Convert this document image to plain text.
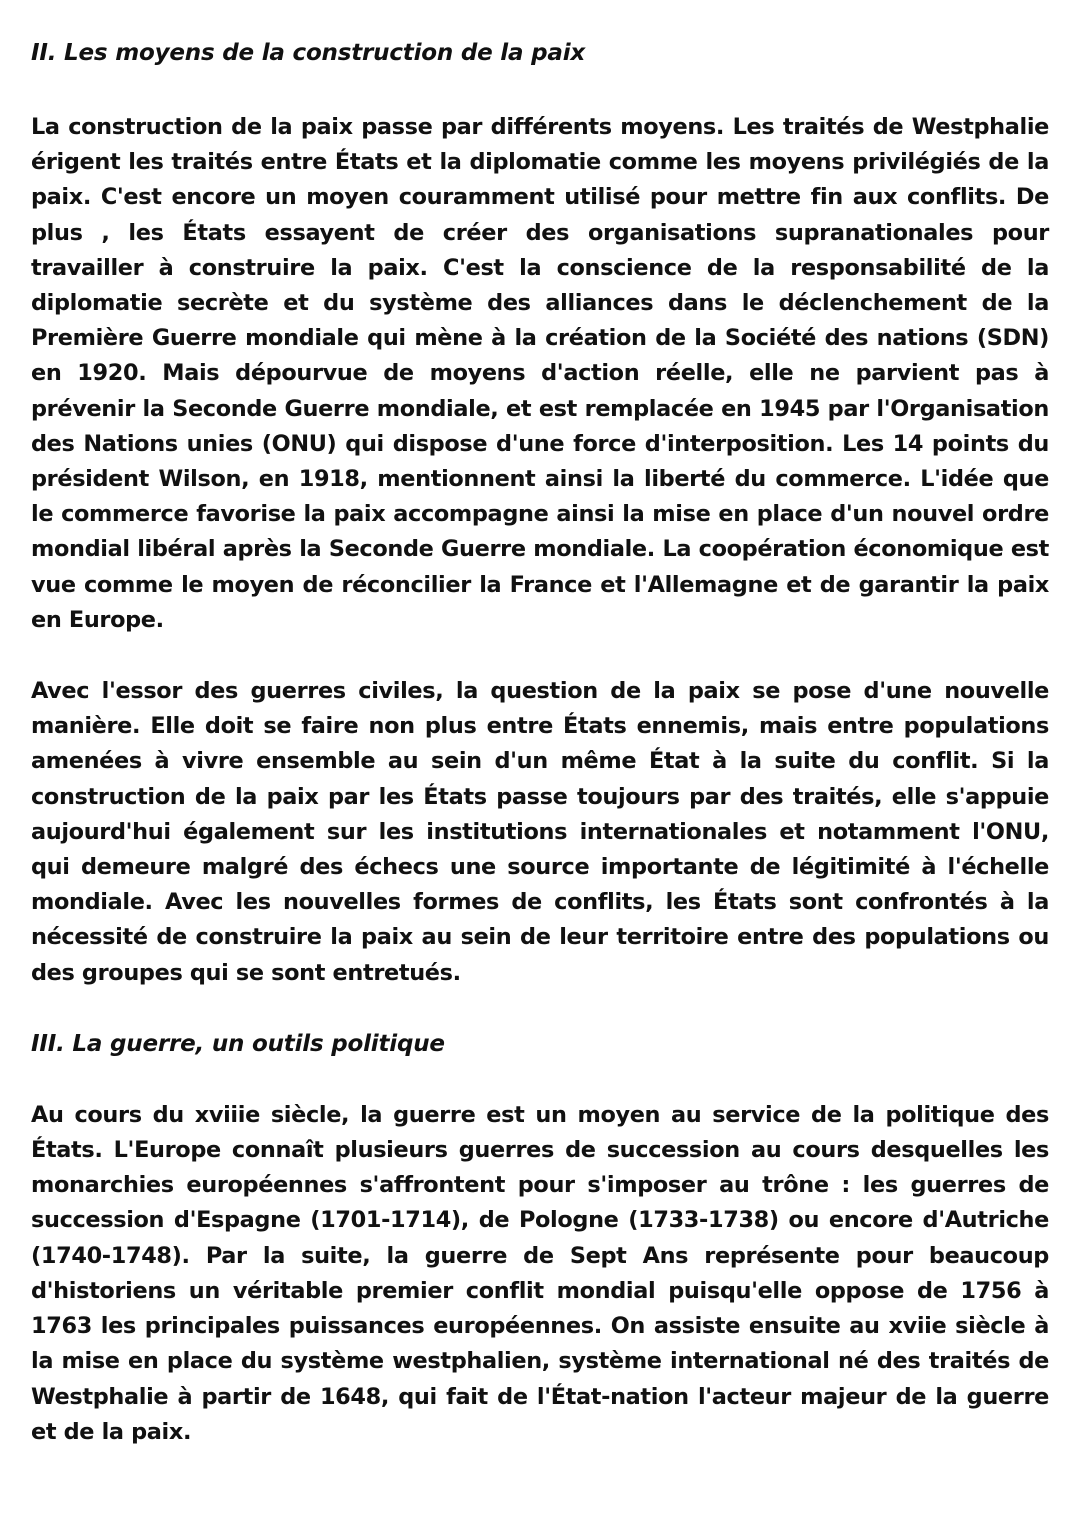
II. Les moyens de la construction de la paix

La construction de la paix passe par différents moyens. Les traités de Westphalie érigent les traités entre États et la diplomatie comme les moyens privilégiés de la paix. C'est encore un moyen couramment utilisé pour mettre fin aux conflits. De plus , les États essayent de créer des organisations supranationales pour travailler à construire la paix. C'est la conscience de la responsabilité de la diplomatie secrète et du système des alliances dans le déclenchement de la Première Guerre mondiale qui mène à la création de la Société des nations (SDN) en 1920. Mais dépourvue de moyens d'action réelle, elle ne parvient pas à prévenir la Seconde Guerre mondiale, et est remplacée en 1945 par l'Organisation des Nations unies (ONU) qui dispose d'une force d'interposition. Les 14 points du président Wilson, en 1918, mentionnent ainsi la liberté du commerce. L'idée que le commerce favorise la paix accompagne ainsi la mise en place d'un nouvel ordre mondial libéral après la Seconde Guerre mondiale. La coopération économique est vue comme le moyen de réconcilier la France et l'Allemagne et de garantir la paix en Europe.

Avec l'essor des guerres civiles, la question de la paix se pose d'une nouvelle manière. Elle doit se faire non plus entre États ennemis, mais entre populations amenées à vivre ensemble au sein d'un même État à la suite du conflit. Si la construction de la paix par les États passe toujours par des traités, elle s'appuie aujourd'hui également sur les institutions internationales et notamment l'ONU, qui demeure malgré des échecs une source importante de légitimité à l'échelle mondiale. Avec les nouvelles formes de conflits, les États sont confrontés à la nécessité de construire la paix au sein de leur territoire entre des populations ou des groupes qui se sont entretués.

III. La guerre, un outils politique

Au cours du xviiie siècle, la guerre est un moyen au service de la politique des États. L'Europe connaît plusieurs guerres de succession au cours desquelles les monarchies européennes s'affrontent pour s'imposer au trône : les guerres de succession d'Espagne (1701-1714), de Pologne (1733-1738) ou encore d'Autriche (1740-1748). Par la suite, la guerre de Sept Ans représente pour beaucoup d'historiens un véritable premier conflit mondial puisqu'elle oppose de 1756 à 1763 les principales puissances européennes. On assiste ensuite au xviie siècle à la mise en place du système westphalien, système international né des traités de Westphalie à partir de 1648, qui fait de l'État-nation l'acteur majeur de la guerre et de la paix.
